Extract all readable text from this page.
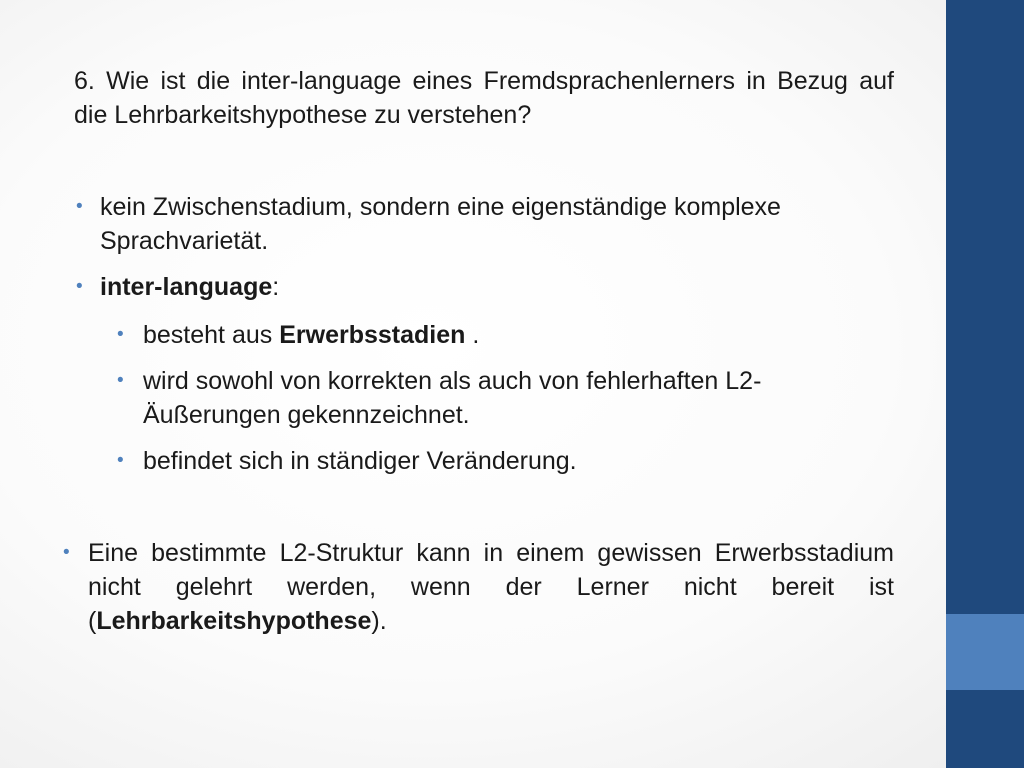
6. Wie ist die inter-language eines Fremdsprachenlerners in Bezug auf die Lehrbarkeitshypothese zu verstehen?
• kein Zwischenstadium, sondern eine eigenständige komplexe Sprachvarietät.
• inter-language:
• besteht aus Erwerbsstadien .
• wird sowohl von korrekten als auch von fehlerhaften L2-Äußerungen gekennzeichnet.
• befindet sich in ständiger Veränderung.
• Eine bestimmte L2-Struktur kann in einem gewissen Erwerbsstadium nicht gelehrt werden, wenn der Lerner nicht bereit ist (Lehrbarkeitshypothese).
